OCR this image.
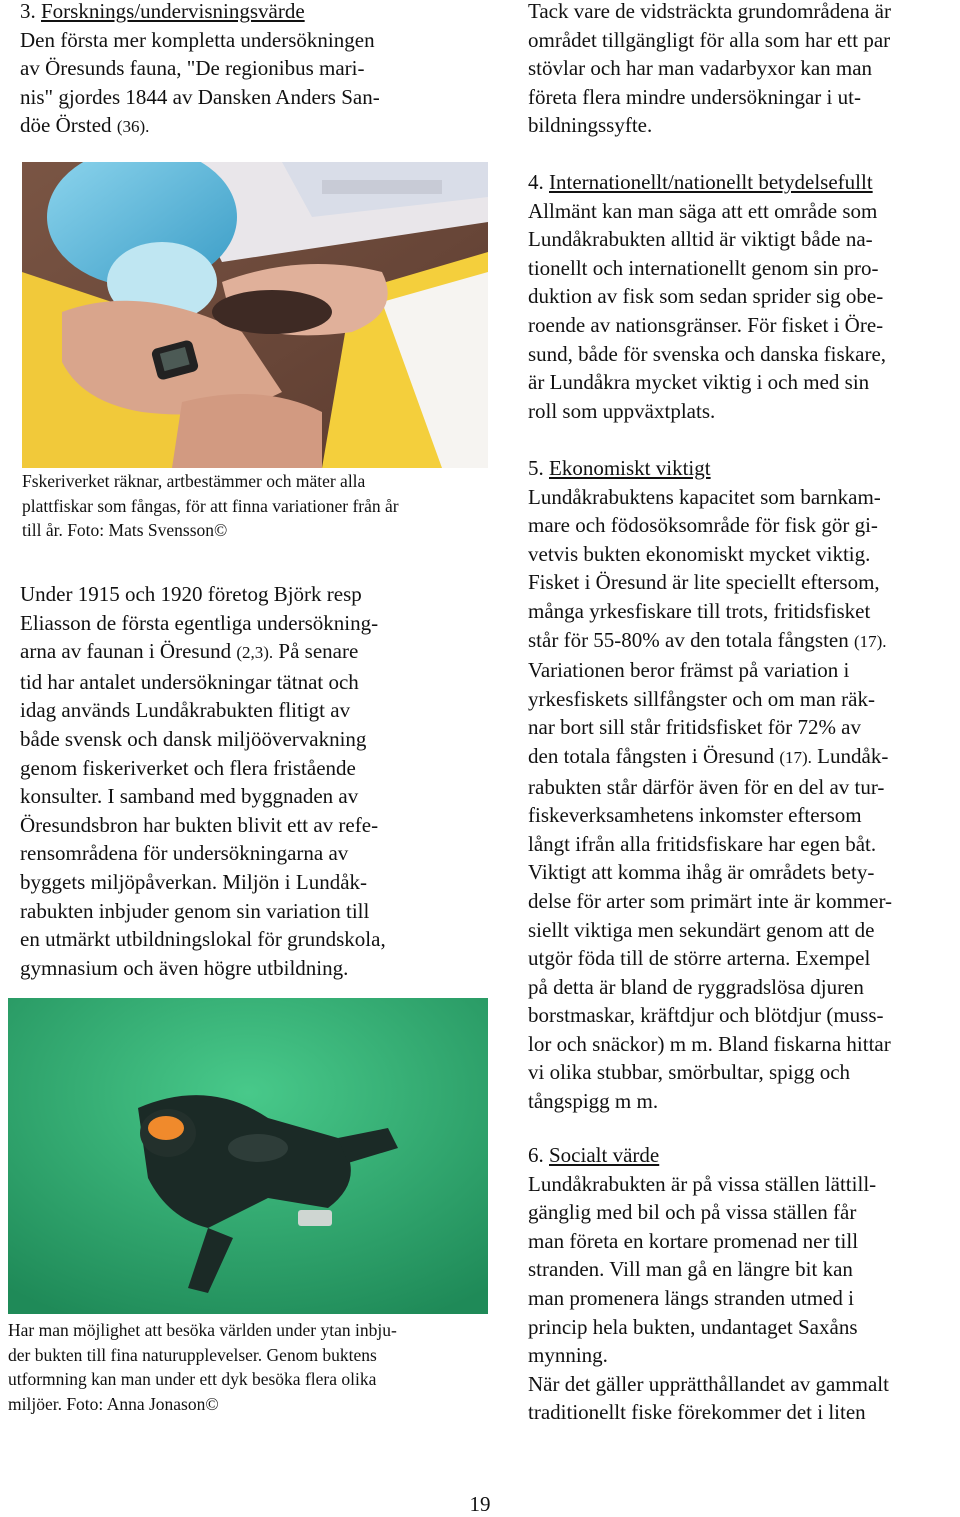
3. Forsknings/undervisningsvärde
Den första mer kompletta undersökningen
av Öresunds fauna, "De regionibus mari-
nis" gjordes 1844 av Dansken Anders San-
döe Örsted (36).
Fskeriverket räknar, artbestämmer och mäter alla
plattfiskar som fångas, för att finna variationer från år
till år. Foto: Mats Svensson©
Under 1915 och 1920 företog Björk resp
Eliasson de första egentliga undersökning-
arna av faunan i Öresund (2,3). På senare
tid har antalet undersökningar tätnat och
idag används Lundåkrabukten flitigt av
både svensk och dansk miljöövervakning
genom fiskeriverket och flera fristående
konsulter. I samband med byggnaden av
Öresundsbron har bukten blivit ett av refe-
rensområdena för undersökningarna av
byggets miljöpåverkan. Miljön i Lundåk-
rabukten inbjuder genom sin variation till
en utmärkt utbildningslokal för grundskola,
gymnasium och även högre utbildning.
Har man möjlighet att besöka världen under ytan inbju-
der bukten till fina naturupplevelser. Genom buktens
utformning kan man under ett dyk besöka flera olika
miljöer. Foto: Anna Jonason©
Tack vare de vidsträckta grundområdena är
området tillgängligt för alla som har ett par
stövlar och har man vadarbyxor kan man
företa flera mindre undersökningar i ut-
bildningssyfte.
4. Internationellt/nationellt betydelsefullt
Allmänt kan man säga att ett område som
Lundåkrabukten alltid är viktigt både na-
tionellt och internationellt genom sin pro-
duktion av fisk som sedan sprider sig obe-
roende av nationsgränser. För fisket i Öre-
sund, både för svenska och danska fiskare,
är Lundåkra mycket viktig i och med sin
roll som uppväxtplats.
5. Ekonomiskt viktigt
Lundåkrabuktens kapacitet som barnkam-
mare och födosöksområde för fisk gör gi-
vetvis bukten ekonomiskt mycket viktig.
Fisket i Öresund är lite speciellt eftersom,
många yrkesfiskare till trots, fritidsfisket
står för 55-80% av den totala fångsten (17).
Variationen beror främst på variation i
yrkesfiskets sillfångster och om man räk-
nar bort sill står fritidsfisket för 72% av
den totala fångsten i Öresund (17). Lundåk-
rabukten står därför även för en del av tur-
fiskeverksamhetens inkomster eftersom
långt ifrån alla fritidsfiskare har egen båt.
Viktigt att komma ihåg är områdets bety-
delse för arter som primärt inte är kommer-
siellt viktiga men sekundärt genom att de
utgör föda till de större arterna. Exempel
på detta är bland de ryggradslösa djuren
borstmaskar, kräftdjur och blötdjur (muss-
lor och snäckor) m m. Bland fiskarna hittar
vi olika stubbar, smörbultar, spigg och
tångspigg m m.
6. Socialt värde
Lundåkrabukten är på vissa ställen lättill-
gänglig med bil och på vissa ställen får
man företa en kortare promenad ner till
stranden. Vill man gå en längre bit kan
man promenera längs stranden utmed i
princip hela bukten, undantaget Saxåns
mynning.
När det gäller upprätthållandet av gammalt
traditionellt fiske förekommer det i liten
19
